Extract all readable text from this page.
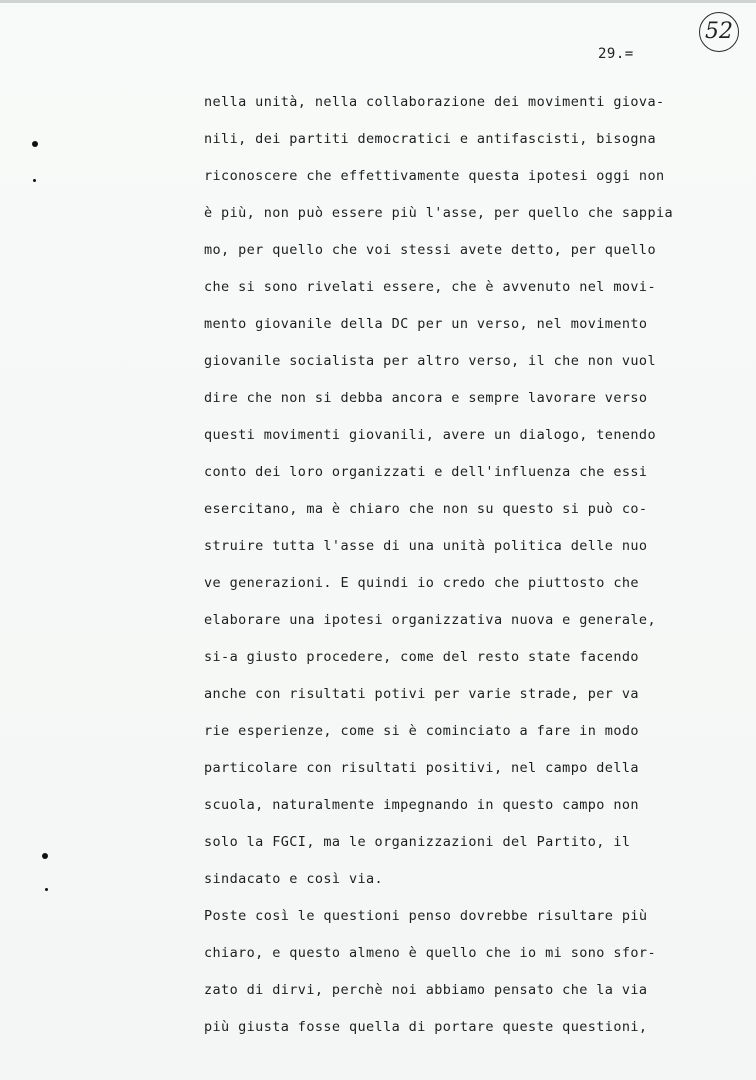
52
29.=
nella unità, nella collaborazione dei movimenti giova-
nili, dei partiti democratici e antifascisti, bisogna
riconoscere che effettivamente questa ipotesi oggi non
è più, non può essere più l'asse, per quello che sappia
mo, per quello che voi stessi avete detto, per quello
che si sono rivelati essere, che è avvenuto nel movi-
mento giovanile della DC per un verso, nel movimento
giovanile socialista per altro verso, il che non vuol
dire che non si debba ancora e sempre lavorare verso
questi movimenti giovanili, avere un dialogo, tenendo
conto dei loro organizzati e dell'influenza che essi
esercitano, ma è chiaro che non su questo si può co-
struire tutta l'asse di una unità politica delle nuo
ve generazioni. E quindi io credo che piuttosto che
elaborare una ipotesi organizzativa nuova e generale,
si-a giusto procedere, come del resto state facendo
anche con risultati potivi per varie strade, per va
rie esperienze, come si è cominciato a fare in modo
particolare con risultati positivi, nel campo della
scuola, naturalmente impegnando in questo campo non
solo la FGCI, ma le organizzazioni del Partito, il
sindacato e così via.
Poste così le questioni penso dovrebbe risultare più
chiaro, e questo almeno è quello che io mi sono sfor-
zato di dirvi, perchè noi abbiamo pensato che la via
più giusta fosse quella di portare queste questioni,
